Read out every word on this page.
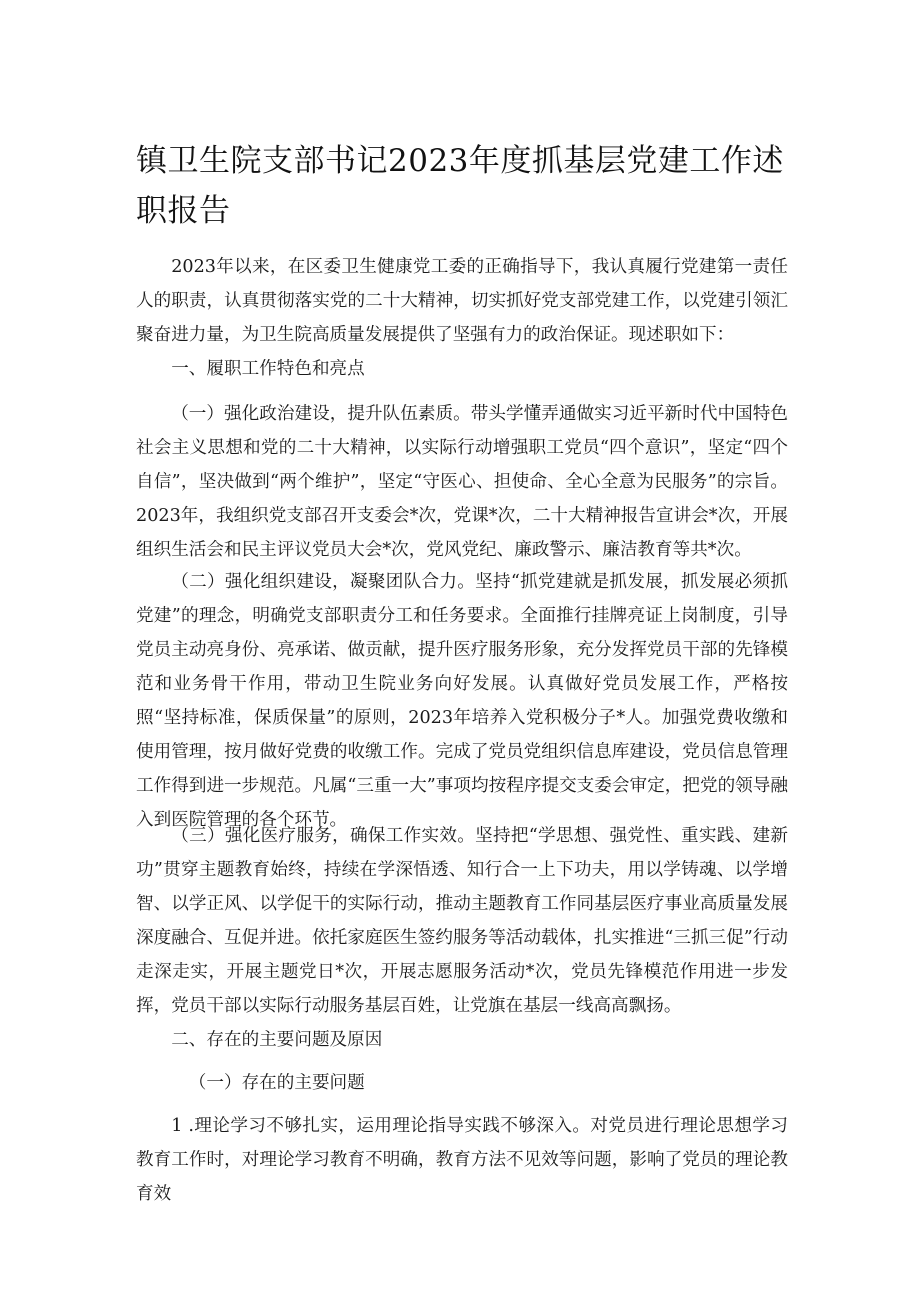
镇卫生院支部书记2023年度抓基层党建工作述职报告

2023年以来，在区委卫生健康党工委的正确指导下，我认真履行党建第一责任人的职责，认真贯彻落实党的二十大精神，切实抓好党支部党建工作，以党建引领汇聚奋进力量，为卫生院高质量发展提供了坚强有力的政治保证。现述职如下：

一、履职工作特色和亮点

（一）强化政治建设，提升队伍素质。带头学懂弄通做实习近平新时代中国特色社会主义思想和党的二十大精神，以实际行动增强职工党员“四个意识”，坚定“四个自信”，坚决做到“两个维护”，坚定“守医心、担使命、全心全意为民服务”的宗旨。2023年，我组织党支部召开支委会*次，党课*次，二十大精神报告宣讲会*次，开展组织生活会和民主评议党员大会*次，党风党纪、廉政警示、廉洁教育等共*次。

（二）强化组织建设，凝聚团队合力。坚持“抓党建就是抓发展，抓发展必须抓党建”的理念，明确党支部职责分工和任务要求。全面推行挂牌亮证上岗制度，引导党员主动亮身份、亮承诺、做贡献，提升医疗服务形象，充分发挥党员干部的先锋模范和业务骨干作用，带动卫生院业务向好发展。认真做好党员发展工作，严格按照“坚持标准，保质保量”的原则，2023年培养入党积极分子*人。加强党费收缴和使用管理，按月做好党费的收缴工作。完成了党员党组织信息库建设，党员信息管理工作得到进一步规范。凡属“三重一大”事项均按程序提交支委会审定，把党的领导融入到医院管理的各个环节。

（三）强化医疗服务，确保工作实效。坚持把“学思想、强党性、重实践、建新功”贯穿主题教育始终，持续在学深悟透、知行合一上下功夫，用以学铸魂、以学增智、以学正风、以学促干的实际行动，推动主题教育工作同基层医疗事业高质量发展深度融合、互促并进。依托家庭医生签约服务等活动载体，扎实推进“三抓三促”行动走深走实，开展主题党日*次，开展志愿服务活动*次，党员先锋模范作用进一步发挥，党员干部以实际行动服务基层百姓，让党旗在基层一线高高飘扬。

二、存在的主要问题及原因

（一）存在的主要问题

1 .理论学习不够扎实，运用理论指导实践不够深入。对党员进行理论思想学习教育工作时，对理论学习教育不明确，教育方法不见效等问题，影响了党员的理论教育效
